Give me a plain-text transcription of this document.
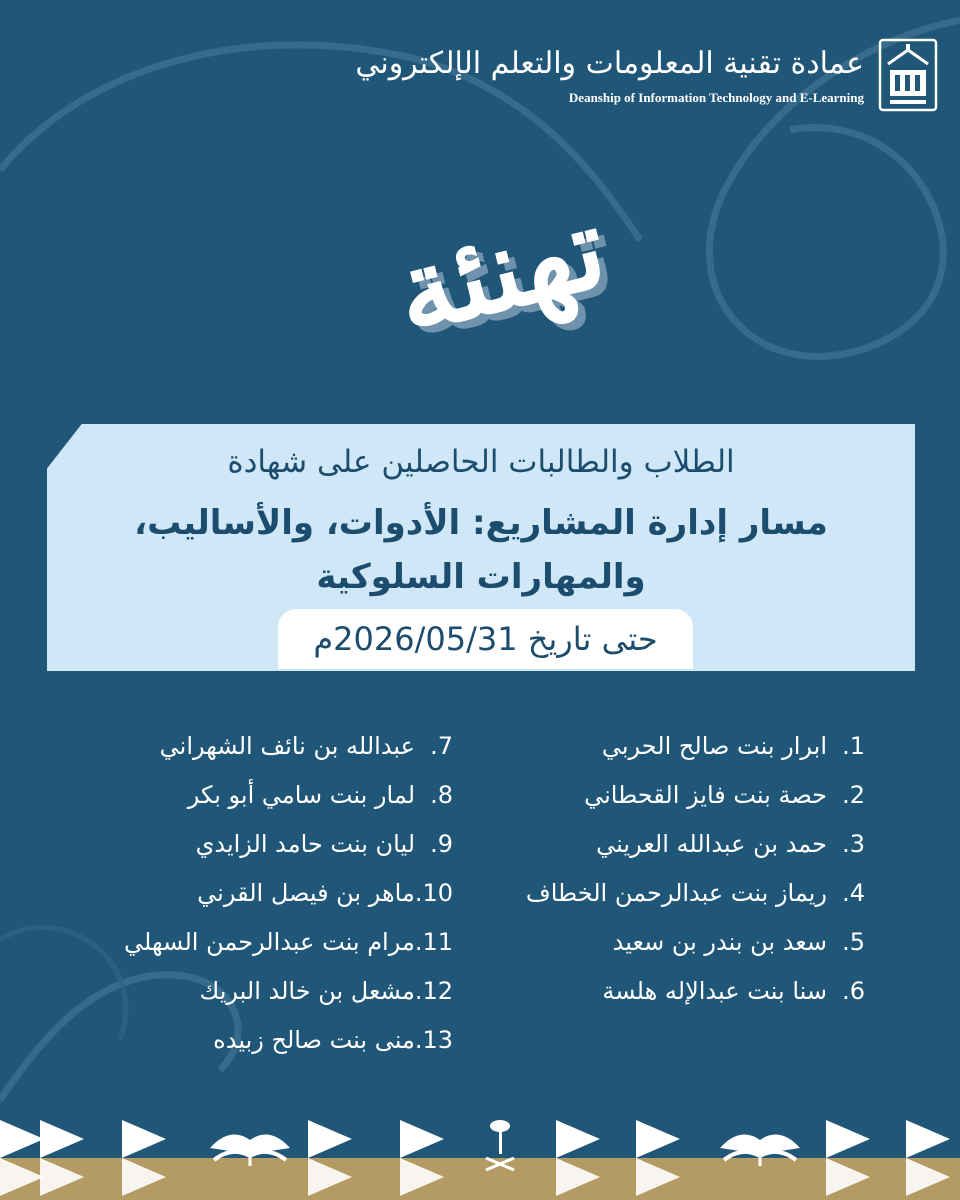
عمادة تقنية المعلومات والتعلم الإلكتروني
Deanship of Information Technology and E-Learning
تهنئة
الطلاب والطالبات الحاصلين على شهادة
مسار إدارة المشاريع: الأدوات، والأساليب، والمهارات السلوكية
حتى تاريخ 2026/05/31م
1.ابرار بنت صالح الحربي
2.حصة بنت فايز القحطاني
3.حمد بن عبدالله العريني
4.ريماز بنت عبدالرحمن الخطاف
5.سعد بن بندر بن سعيد
6.سنا بنت عبدالإله هلسة
7.عبدالله بن نائف الشهراني
8.لمار بنت سامي أبو بكر
9.ليان بنت حامد الزايدي
10.ماهر بن فيصل القرني
11.مرام بنت عبدالرحمن السهلي
12.مشعل بن خالد البريك
13.منى بنت صالح زبيده
